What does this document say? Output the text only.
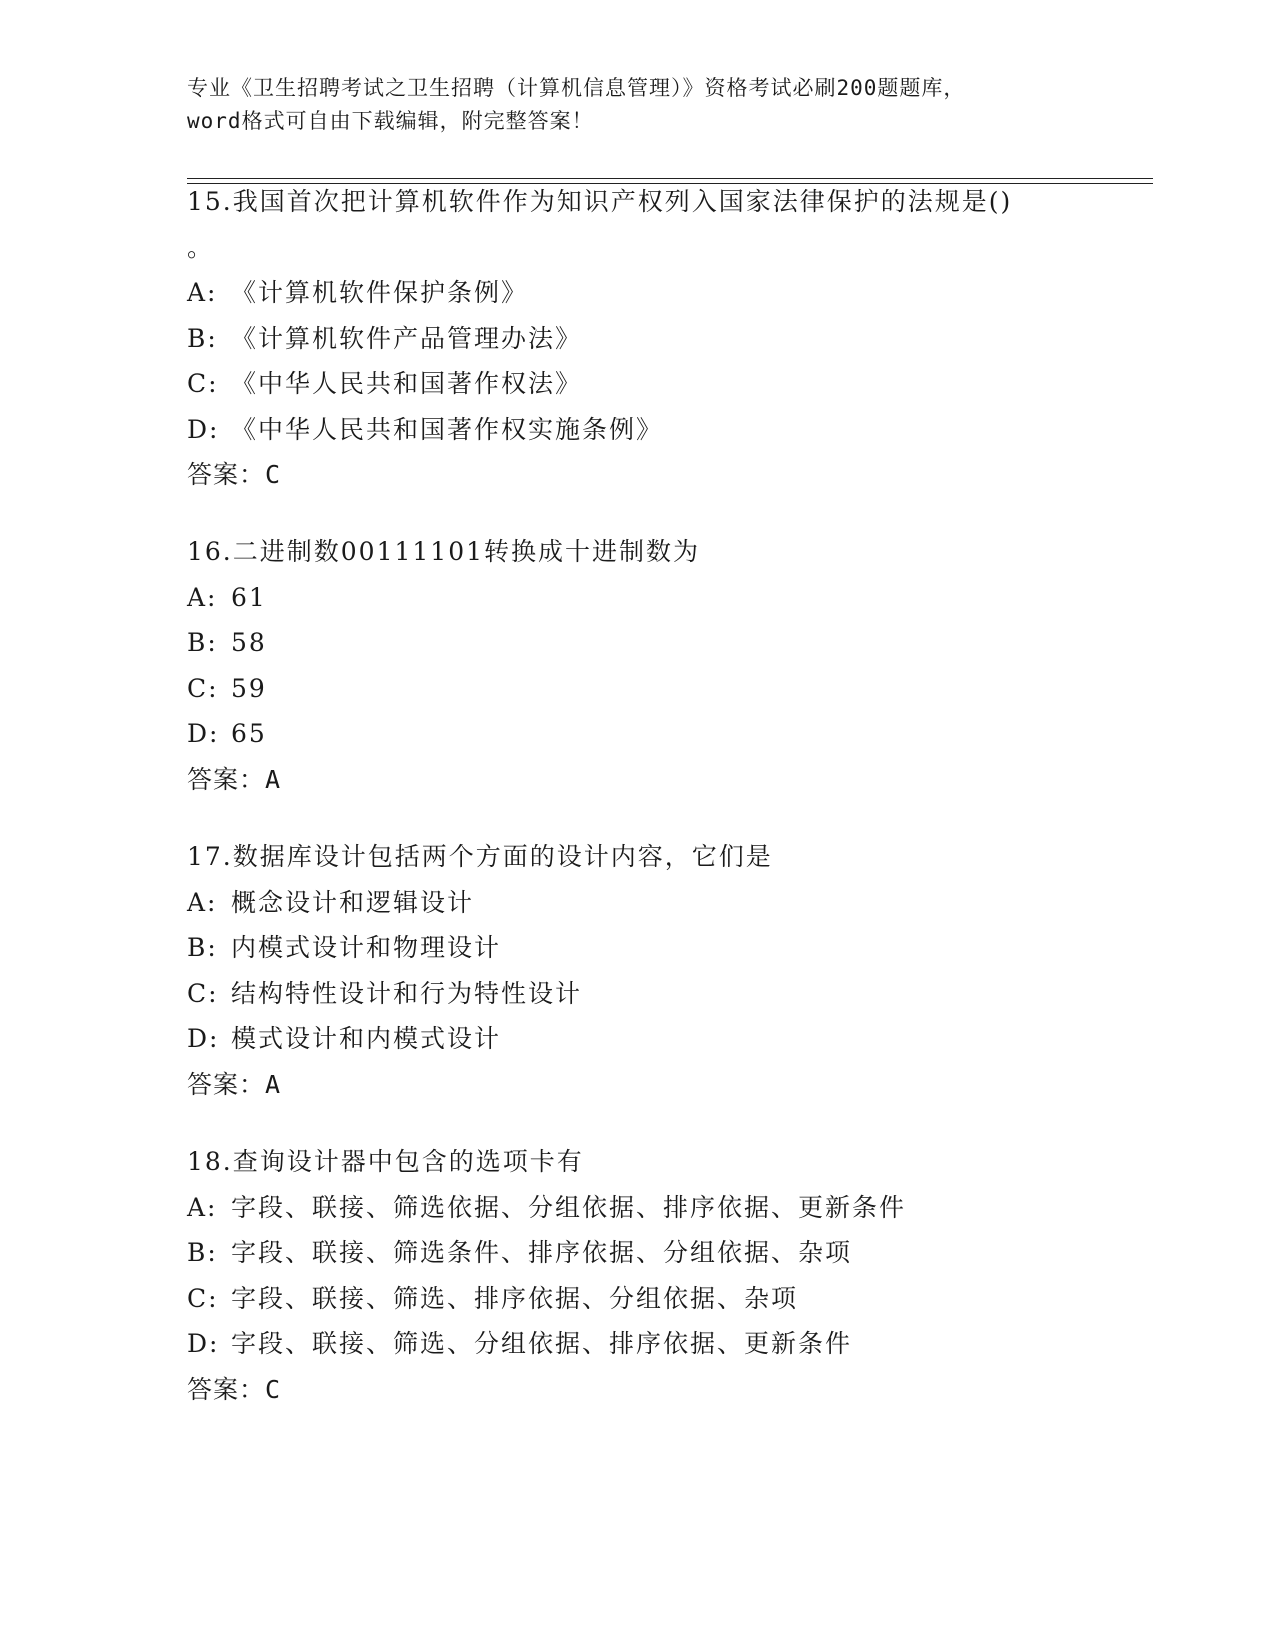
专业《卫生招聘考试之卫生招聘（计算机信息管理）》资格考试必刷200题题库，
word格式可自由下载编辑，附完整答案！
15.我国首次把计算机软件作为知识产权列入国家法律保护的法规是()
。
A: 《计算机软件保护条例》
B: 《计算机软件产品管理办法》
C: 《中华人民共和国著作权法》
D: 《中华人民共和国著作权实施条例》
答案：C
16.二进制数00111101转换成十进制数为
A: 61
B: 58
C: 59
D: 65
答案：A
17.数据库设计包括两个方面的设计内容，它们是
A: 概念设计和逻辑设计
B: 内模式设计和物理设计
C: 结构特性设计和行为特性设计
D: 模式设计和内模式设计
答案：A
18.查询设计器中包含的选项卡有
A: 字段、联接、筛选依据、分组依据、排序依据、更新条件
B: 字段、联接、筛选条件、排序依据、分组依据、杂项
C: 字段、联接、筛选、排序依据、分组依据、杂项
D: 字段、联接、筛选、分组依据、排序依据、更新条件
答案：C
